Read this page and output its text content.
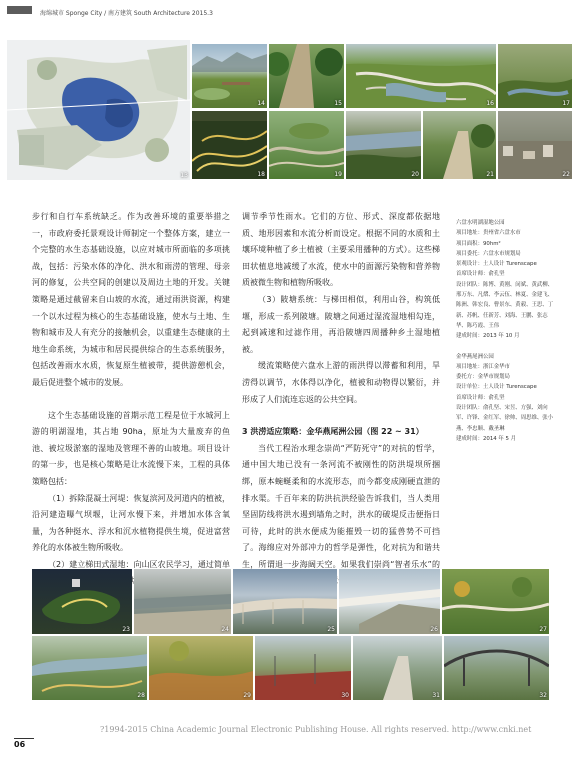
海绵城市 Sponge City / 南方建筑 South Architecture 2015.3
13
14	15	16	17
18	19	20	21	22

步行和自行车系统缺乏。作为改善环境的重要举措之一，市政府委托景观设计师制定一个整体方案，建立一个完整的水生态基础设施，以应对城市所面临的多项挑战，包括：污染水体的净化、洪水和雨涝的管理、母亲河的修复，公共空间的创建以及周边土地的开发。关键策略是通过截留来自山坡的水流，通过雨洪资源，构建一个以水过程为核心的生态基础设施，使水与土地、生物和城市及人有充分的接触机会，以重建生态健康的土地生命系统，为城市和居民提供综合的生态系统服务，包括改善雨水水质，恢复原生植被带，提供游憩机会，最后促进整个城市的发展。

这个生态基础设施的首期示范工程是位于水城河上游的明湖湿地，其占地 90ha，原址为大量废弃的鱼池、被垃圾淤塞的湿地及管理不善的山坡地。项目设计的第一步，也是核心策略是让水流慢下来，工程的具体策略包括：

（1）拆除混凝土河堤：恢复滨河及河道内的植被，沿河建造曝气坝堰，让河水慢下来，并增加水体含氧量，为各种挺水、浮水和沉水植物提供生境，促进富营养化的水体被生物所吸收。

（2）建立梯田式湿地：向山区农民学习，通过简单

调节季节性雨水。它们的方位、形式、深度都依据地质、地形因素和水流分析而设定。根据不同的水质和土壤环境种植了乡土植被（主要采用播种的方式）。这些梯田状植息地减缓了水流，使水中的面源污染物和营养物质被微生物和植物所吸收。

（3）陂塘系统：与梯田相似，利用山谷，构筑低堰，形成一系列陂塘。陂塘之间通过湿流湿地相勾连，起到减速和过滤作用，再沿陂塘四周播种乡土湿地植被。

缓流策略使六盘水上游的雨洪得以滞蓄和利用，旱涝得以调节，水体得以净化，植被和动物得以繁衍，并形成了人们流连忘返的公共空间。

3 洪涝适应策略：金华燕尾洲公园（图 22 ~ 31）

当代工程治水理念崇尚“严防死守”的对抗的哲学，通中国大地已没有一条河流不被刚性的防洪堤坝所捆绑，原本蜿蜒柔和的水流形态，而今都变成刚硬直泄的排水渠。千百年来的防洪抗洪经验告诉我们，当人类用坚固防线将洪水遏到墙角之时，洪水的破堤反击便指日可待，此时的洪水便成为能摧毁一切的猛兽势不可挡了。海绵应对外部冲力的哲学是弹性，化对抗为和谐共生，所谓退一步海阔天空。如果我们崇尚“智者乐水”的 ，水的最高智慧便是以柔克刚。

六盘水明湖湿地公园
项目地址：贵州省六盘水市
项目面积：90hm²
项目委托：六盘水市规划局
景观设计：土人设计 Turenscape
首席设计师：俞孔坚
设计团队：陈博、黄刚、闵斌、黄武柳、邢万东、凡熠、李云伍、林夏、金建飞、陈洲、韩宏良、曹景东、黄毅、王思、丁新、苏帆、任新芳、刘海、王鹏、张志华、陈巧霞、王伟
建成时间：2013 年 10 月
金华燕尾洲公园
项目地址：浙江金华市
委托方：金华市规划局
设计单位：土人设计 Turenscape
首席设计师：俞孔坚
设计团队：俞孔坚、宋昱、方强、刘向军、许锋、金红军、徐帅、周思维、张小燕、李忠顺、戴圣琳
建成时间：2014 年 5 月
23	24	25	26	27
28	29	30	31	32
?1994-2015 China Academic Journal Electronic Publishing House. All rights reserved. http://www.cnki.net
06
